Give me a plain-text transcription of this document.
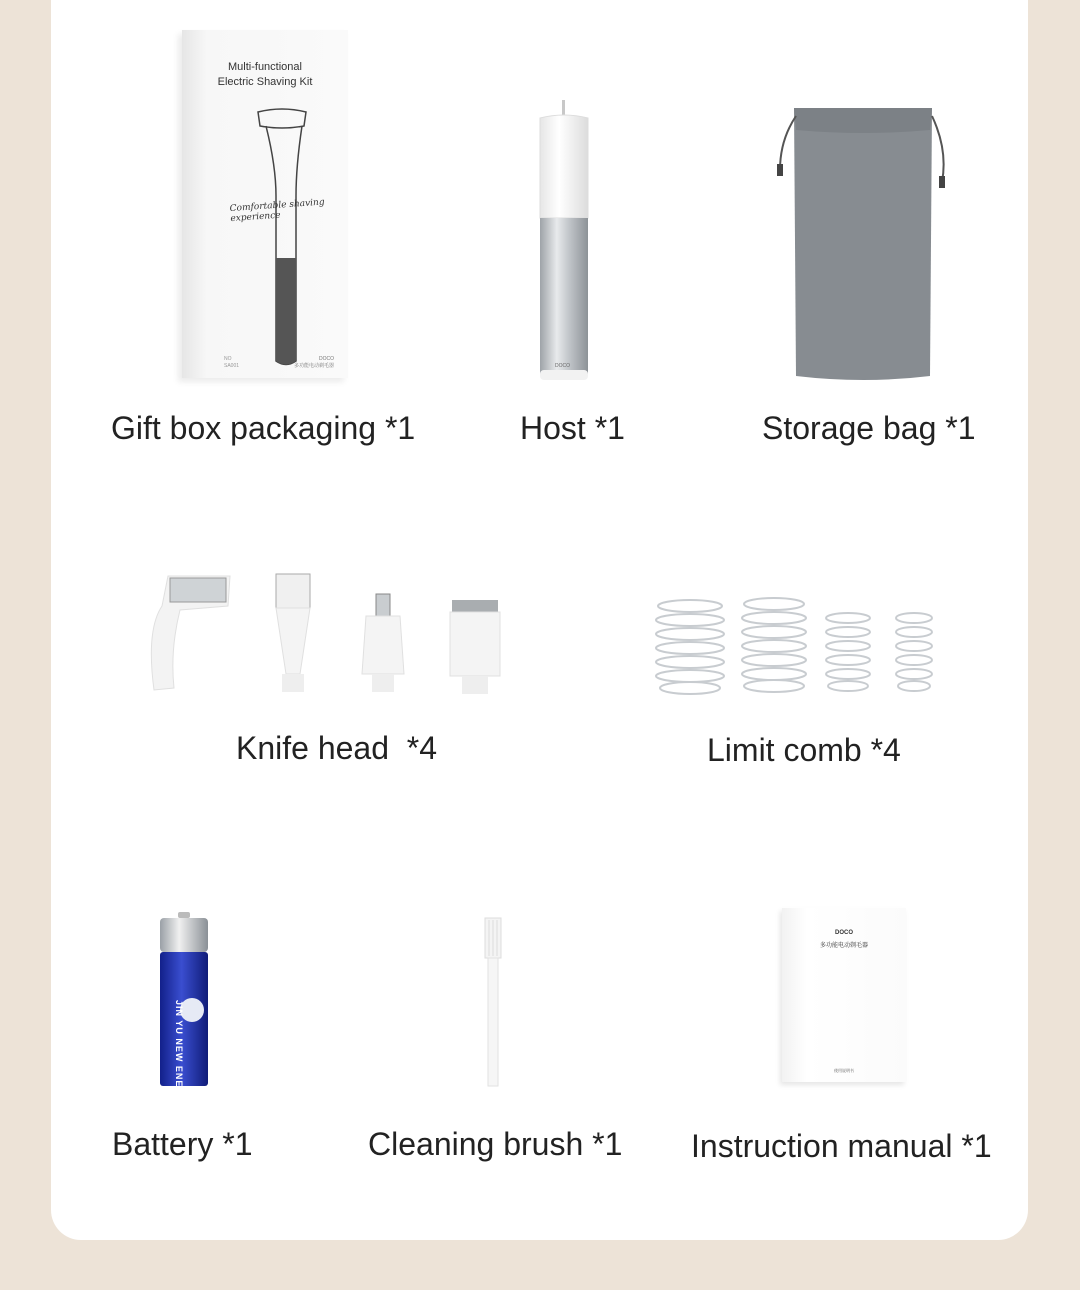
Multi-functional
Electric Shaving Kit
Comfortable shaving experience
NO
SA001
DOCO
多功能电动剃毛器
Gift box packaging *1
DOCO
Host *1	Storage bag *1
Knife head  *4	Limit comb *4
JIN YU NEW ENERGY
Battery *1	Cleaning brush *1
DOCO
多功能电动剃毛器
使用说明书
Instruction manual *1
